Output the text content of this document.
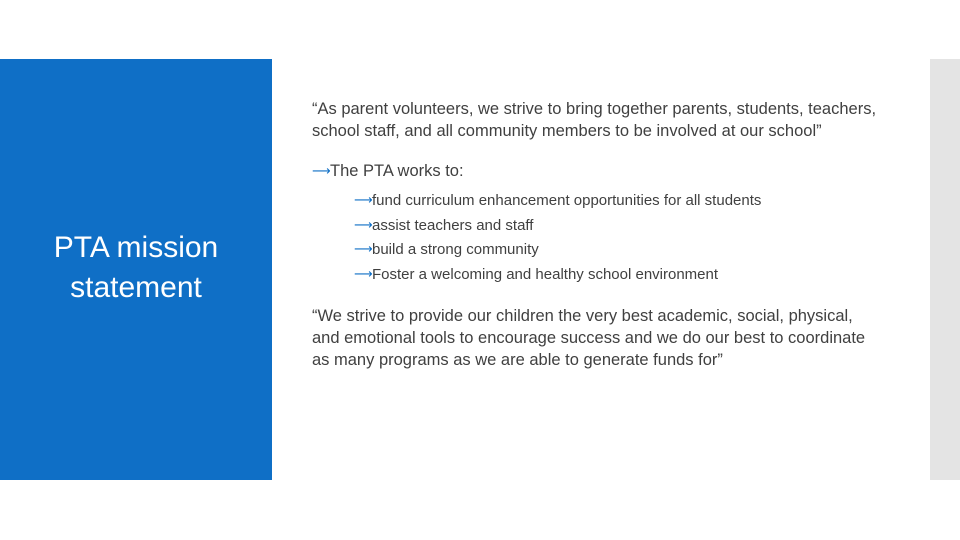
PTA mission statement

“As parent volunteers, we strive to bring together parents, students, teachers, school staff, and all community members to be involved at our school”

⟶ The PTA works to:
⟶ fund curriculum enhancement opportunities for all students
⟶ assist teachers and staff
⟶ build a strong community
⟶ Foster a welcoming and healthy school environment

“We strive to provide our children the very best academic, social, physical, and emotional tools to encourage success and we do our best to coordinate as many programs as we are able to generate funds for”
